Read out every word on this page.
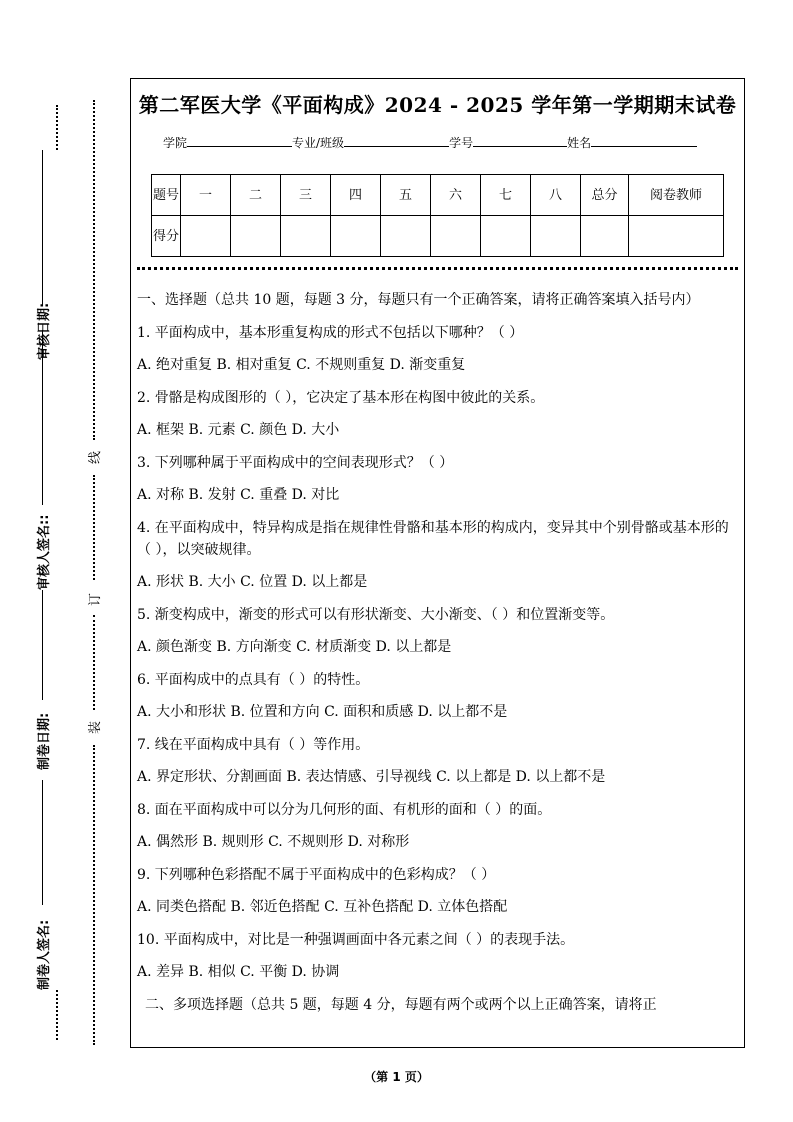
审核日期:
审核人签名::
制卷日期:
制卷人签名:
线
订
装
第二军医大学《平面构成》2024 - 2025 学年第一学期期末试卷
学院	专业/班级	学号	姓名
题号	一	二	三	四	五	六	七	八	总分	阅卷教师
得分										
一、选择题（总共 10 题，每题 3 分，每题只有一个正确答案，请将正确答案填入括号内）
1. 平面构成中，基本形重复构成的形式不包括以下哪种？（ ）
A. 绝对重复 B. 相对重复 C. 不规则重复 D. 渐变重复
2. 骨骼是构成图形的（ ），它决定了基本形在构图中彼此的关系。
A. 框架 B. 元素 C. 颜色 D. 大小
3. 下列哪种属于平面构成中的空间表现形式？（ ）
A. 对称 B. 发射 C. 重叠 D. 对比
4. 在平面构成中，特异构成是指在规律性骨骼和基本形的构成内，变异其中个别骨骼或基本形的（ ），以突破规律。
A. 形状 B. 大小 C. 位置 D. 以上都是
5. 渐变构成中，渐变的形式可以有形状渐变、大小渐变、（ ）和位置渐变等。
A. 颜色渐变 B. 方向渐变 C. 材质渐变 D. 以上都是
6. 平面构成中的点具有（ ）的特性。
A. 大小和形状 B. 位置和方向 C. 面积和质感 D. 以上都不是
7. 线在平面构成中具有（ ）等作用。
A. 界定形状、分割画面 B. 表达情感、引导视线 C. 以上都是 D. 以上都不是
8. 面在平面构成中可以分为几何形的面、有机形的面和（ ）的面。
A. 偶然形 B. 规则形 C. 不规则形 D. 对称形
9. 下列哪种色彩搭配不属于平面构成中的色彩构成？（ ）
A. 同类色搭配 B. 邻近色搭配 C. 互补色搭配 D. 立体色搭配
10. 平面构成中，对比是一种强调画面中各元素之间（ ）的表现手法。
A. 差异 B. 相似 C. 平衡 D. 协调
二、多项选择题（总共 5 题，每题 4 分，每题有两个或两个以上正确答案，请将正
（第 1 页）
